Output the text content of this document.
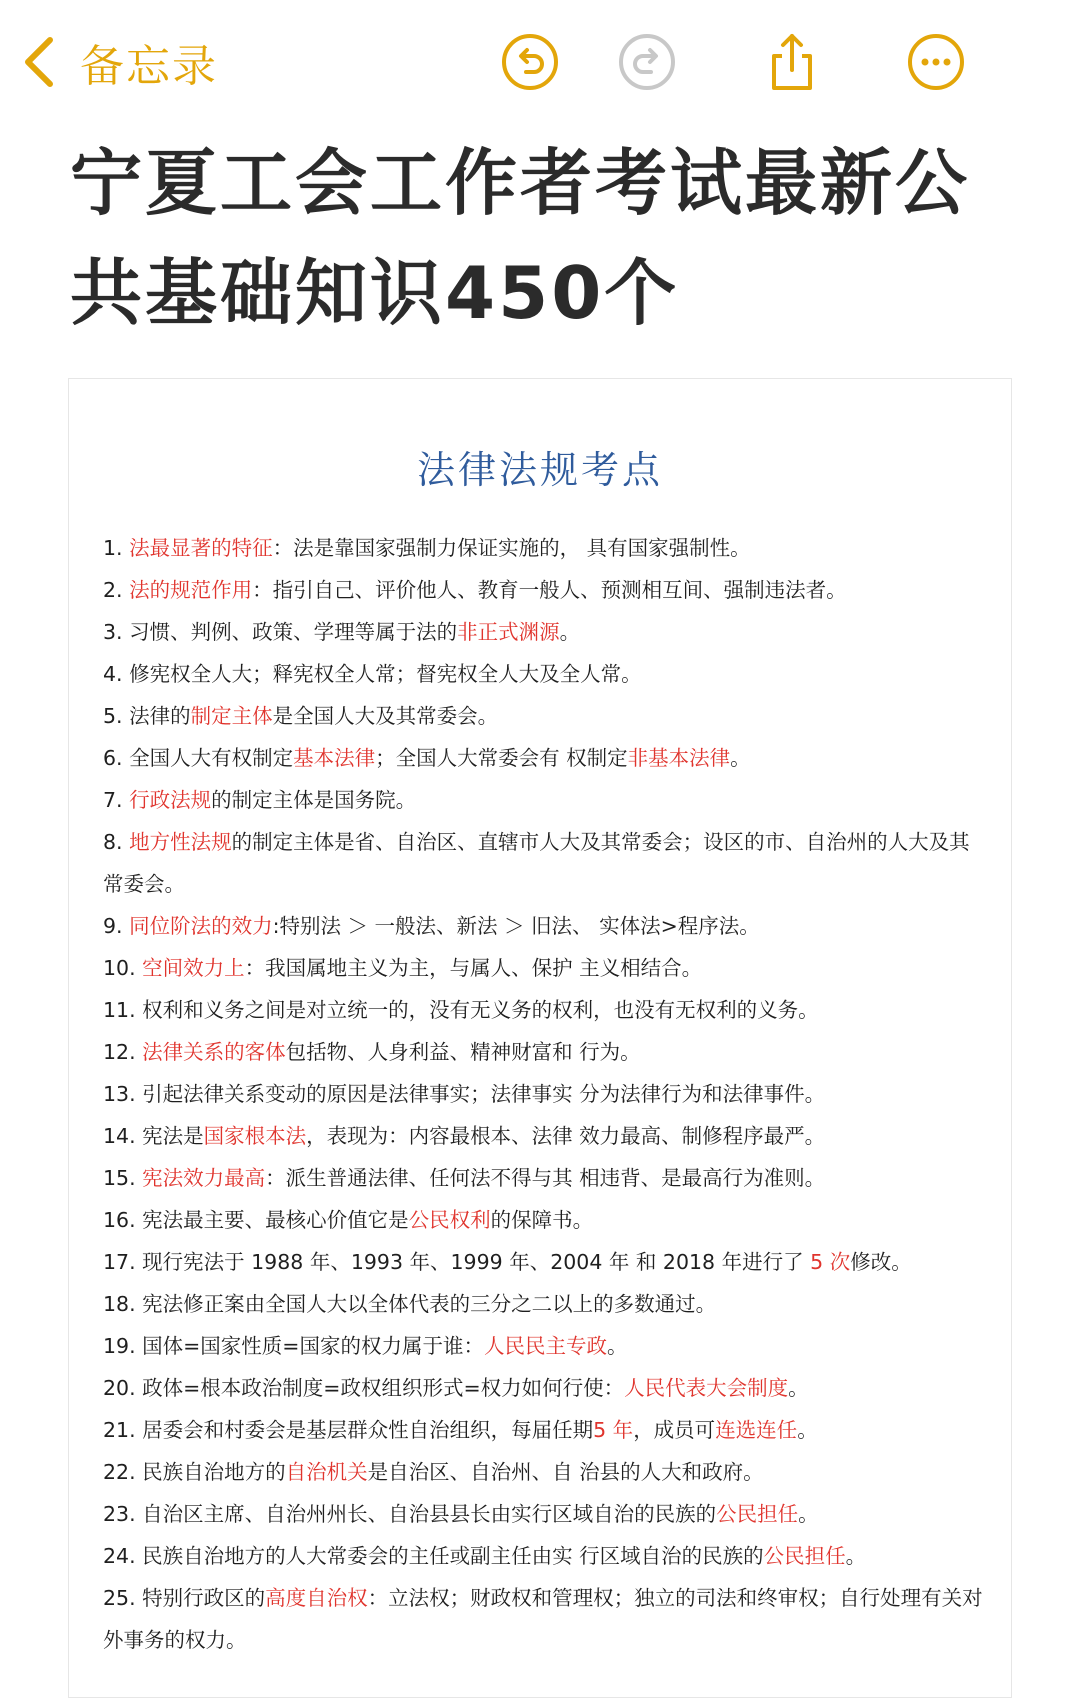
备忘录
宁夏工会工作者考试最新公共基础知识450个
法律法规考点

1. 法最显著的特征：法是靠国家强制力保证实施的， 具有国家强制性。

2. 法的规范作用：指引自己、评价他人、教育一般人、预测相互间、强制违法者。

3. 习惯、判例、政策、学理等属于法的非正式渊源。

4. 修宪权全人大；释宪权全人常；督宪权全人大及全人常。

5. 法律的制定主体是全国人大及其常委会。

6. 全国人大有权制定基本法律；全国人大常委会有 权制定非基本法律。

7. 行政法规的制定主体是国务院。

8. 地方性法规的制定主体是省、自治区、直辖市人大及其常委会；设区的市、自治州的人大及其常委会。

9. 同位阶法的效力:特别法 ＞ 一般法、新法 ＞ 旧法、 实体法>程序法。

10. 空间效力上：我国属地主义为主，与属人、保护 主义相结合。

11. 权利和义务之间是对立统一的，没有无义务的权利，也没有无权利的义务。

12. 法律关系的客体包括物、人身利益、精神财富和 行为。

13. 引起法律关系变动的原因是法律事实；法律事实 分为法律行为和法律事件。

14. 宪法是国家根本法，表现为：内容最根本、法律 效力最高、制修程序最严。

15. 宪法效力最高：派生普通法律、任何法不得与其 相违背、是最高行为准则。

16. 宪法最主要、最核心价值它是公民权利的保障书。

17. 现行宪法于 1988 年、1993 年、1999 年、2004 年 和 2018 年进行了 5 次修改。

18. 宪法修正案由全国人大以全体代表的三分之二以上的多数通过。

19. 国体=国家性质=国家的权力属于谁：人民民主专政。

20. 政体=根本政治制度=政权组织形式=权力如何行使：人民代表大会制度。

21. 居委会和村委会是基层群众性自治组织，每届任期5 年，成员可连选连任。

22. 民族自治地方的自治机关是自治区、自治州、自 治县的人大和政府。

23. 自治区主席、自治州州长、自治县县长由实行区域自治的民族的公民担任。

24. 民族自治地方的人大常委会的主任或副主任由实 行区域自治的民族的公民担任。

25. 特别行政区的高度自治权：立法权；财政权和管理权；独立的司法和终审权；自行处理有关对外事务的权力。
